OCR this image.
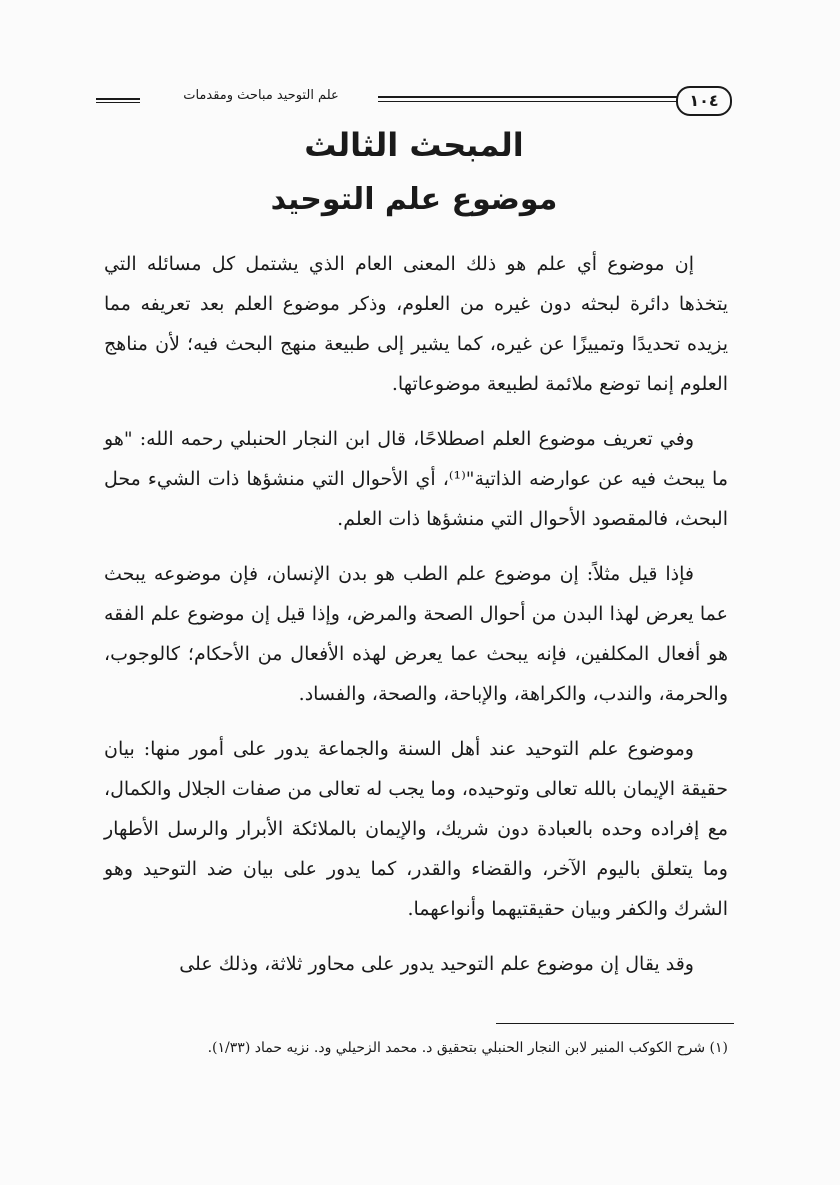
١٠٤
علم التوحيد مباحث ومقدمات
المبحث الثالث
موضوع علم التوحيد

إن موضوع أي علم هو ذلك المعنى العام الذي يشتمل كل مسائله التي يتخذها دائرة لبحثه دون غيره من العلوم، وذكر موضوع العلم بعد تعريفه مما يزيده تحديدًا وتمييزًا عن غيره، كما يشير إلى طبيعة منهج البحث فيه؛ لأن مناهج العلوم إنما توضع ملائمة لطبيعة موضوعاتها.

وفي تعريف موضوع العلم اصطلاحًا، قال ابن النجار الحنبلي رحمه الله: "هو ما يبحث فيه عن عوارضه الذاتية"⁽¹⁾، أي الأحوال التي منشؤها ذات الشيء محل البحث، فالمقصود الأحوال التي منشؤها ذات العلم.

فإذا قيل مثلاً: إن موضوع علم الطب هو بدن الإنسان، فإن موضوعه يبحث عما يعرض لهذا البدن من أحوال الصحة والمرض، وإذا قيل إن موضوع علم الفقه هو أفعال المكلفين، فإنه يبحث عما يعرض لهذه الأفعال من الأحكام؛ كالوجوب، والحرمة، والندب، والكراهة، والإباحة، والصحة، والفساد.

وموضوع علم التوحيد عند أهل السنة والجماعة يدور على أمور منها: بيان حقيقة الإيمان بالله تعالى وتوحيده، وما يجب له تعالى من صفات الجلال والكمال، مع إفراده وحده بالعبادة دون شريك، والإيمان بالملائكة الأبرار والرسل الأطهار وما يتعلق باليوم الآخر، والقضاء والقدر، كما يدور على بيان ضد التوحيد وهو الشرك والكفر وبيان حقيقتيهما وأنواعهما.

وقد يقال إن موضوع علم التوحيد يدور على محاور ثلاثة، وذلك على

(١) شرح الكوكب المنير لابن النجار الحنبلي بتحقيق د. محمد الزحيلي ود. نزيه حماد (١/٣٣).
